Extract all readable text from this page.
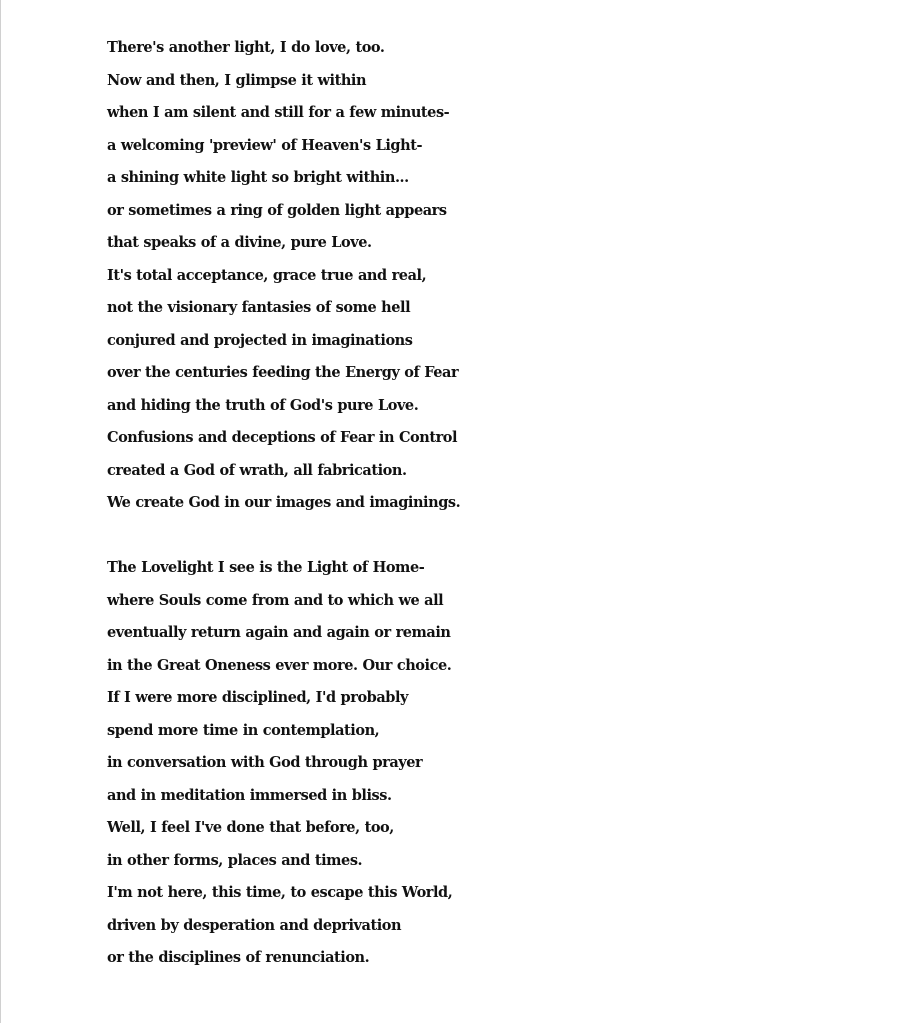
There's another light, I do love, too.
Now and then, I glimpse it within
when I am silent and still for a few minutes-
a welcoming 'preview' of Heaven's Light-
a shining white light so bright within...
or sometimes a ring of golden light appears
that speaks of a divine, pure Love.
It's total acceptance, grace true and real,
not the visionary fantasies of some hell
conjured and projected in imaginations
over the centuries feeding the Energy of Fear
and hiding the truth of God's pure Love.
Confusions and deceptions of Fear in Control
created a God of wrath, all fabrication.
We create God in our images and imaginings.
The Lovelight I see is the Light of Home-
where Souls come from and to which we all
eventually return again and again or remain
in the Great Oneness ever more. Our choice.
If I were more disciplined, I'd probably
spend more time in contemplation,
in conversation with God through prayer
and in meditation immersed in bliss.
Well, I feel I've done that before, too,
in other forms, places and times.
I'm not here, this time, to escape this World,
driven by desperation and deprivation
or the disciplines of renunciation.
